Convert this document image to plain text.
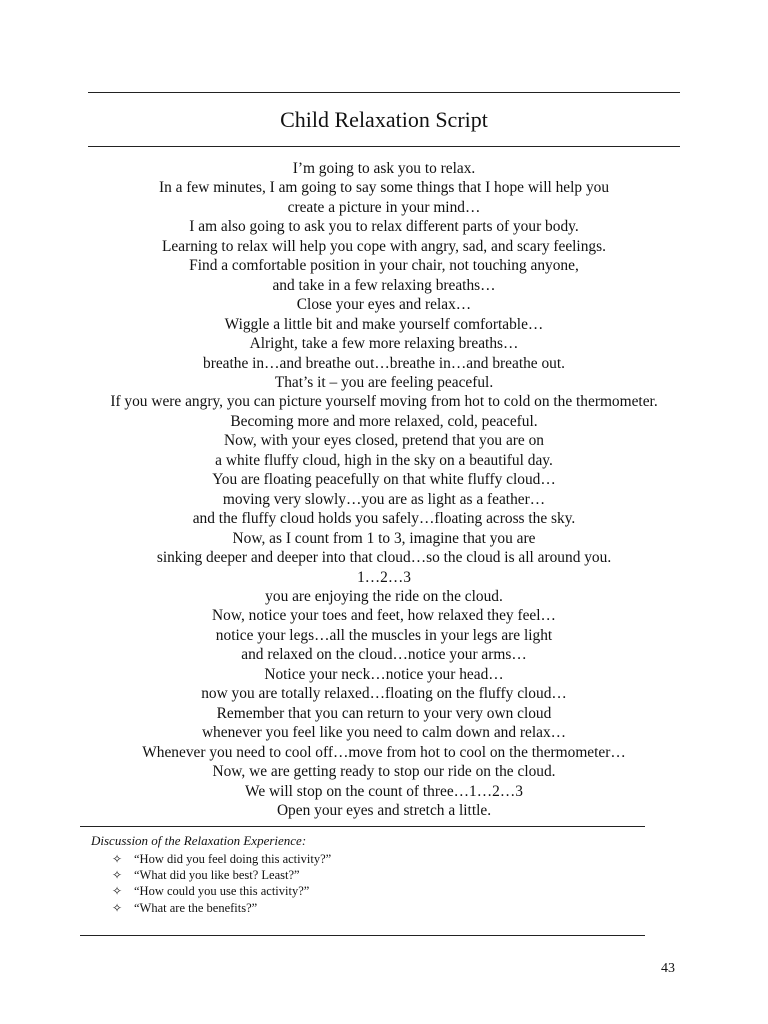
Child Relaxation Script
I’m going to ask you to relax.
In a few minutes, I am going to say some things that I hope will help you
create a picture in your mind…
I am also going to ask you to relax different parts of your body.
Learning to relax will help you cope with angry, sad, and scary feelings.
Find a comfortable position in your chair, not touching anyone,
and take in a few relaxing breaths…
Close your eyes and relax…
Wiggle a little bit and make yourself comfortable…
Alright, take a few more relaxing breaths…
breathe in…and breathe out…breathe in…and breathe out.
That’s it – you are feeling peaceful.
If you were angry, you can picture yourself moving from hot to cold on the thermometer.
Becoming more and more relaxed, cold, peaceful.
Now, with your eyes closed, pretend that you are on
a white fluffy cloud, high in the sky on a beautiful day.
You are floating peacefully on that white fluffy cloud…
moving very slowly…you are as light as a feather…
and the fluffy cloud holds you safely…floating across the sky.
Now, as I count from 1 to 3, imagine that you are
sinking deeper and deeper into that cloud…so the cloud is all around you.
1…2…3
you are enjoying the ride on the cloud.
Now, notice your toes and feet, how relaxed they feel…
notice your legs…all the muscles in your legs are light
and relaxed on the cloud…notice your arms…
Notice your neck…notice your head…
now you are totally relaxed…floating on the fluffy cloud…
Remember that you can return to your very own cloud
whenever you feel like you need to calm down and relax…
Whenever you need to cool off…move from hot to cool on the thermometer…
Now, we are getting ready to stop our ride on the cloud.
We will stop on the count of three…1…2…3
Open your eyes and stretch a little.
Discussion of the Relaxation Experience:
✧ “How did you feel doing this activity?”
✧ “What did you like best? Least?”
✧ “How could you use this activity?”
✧ “What are the benefits?”
43
